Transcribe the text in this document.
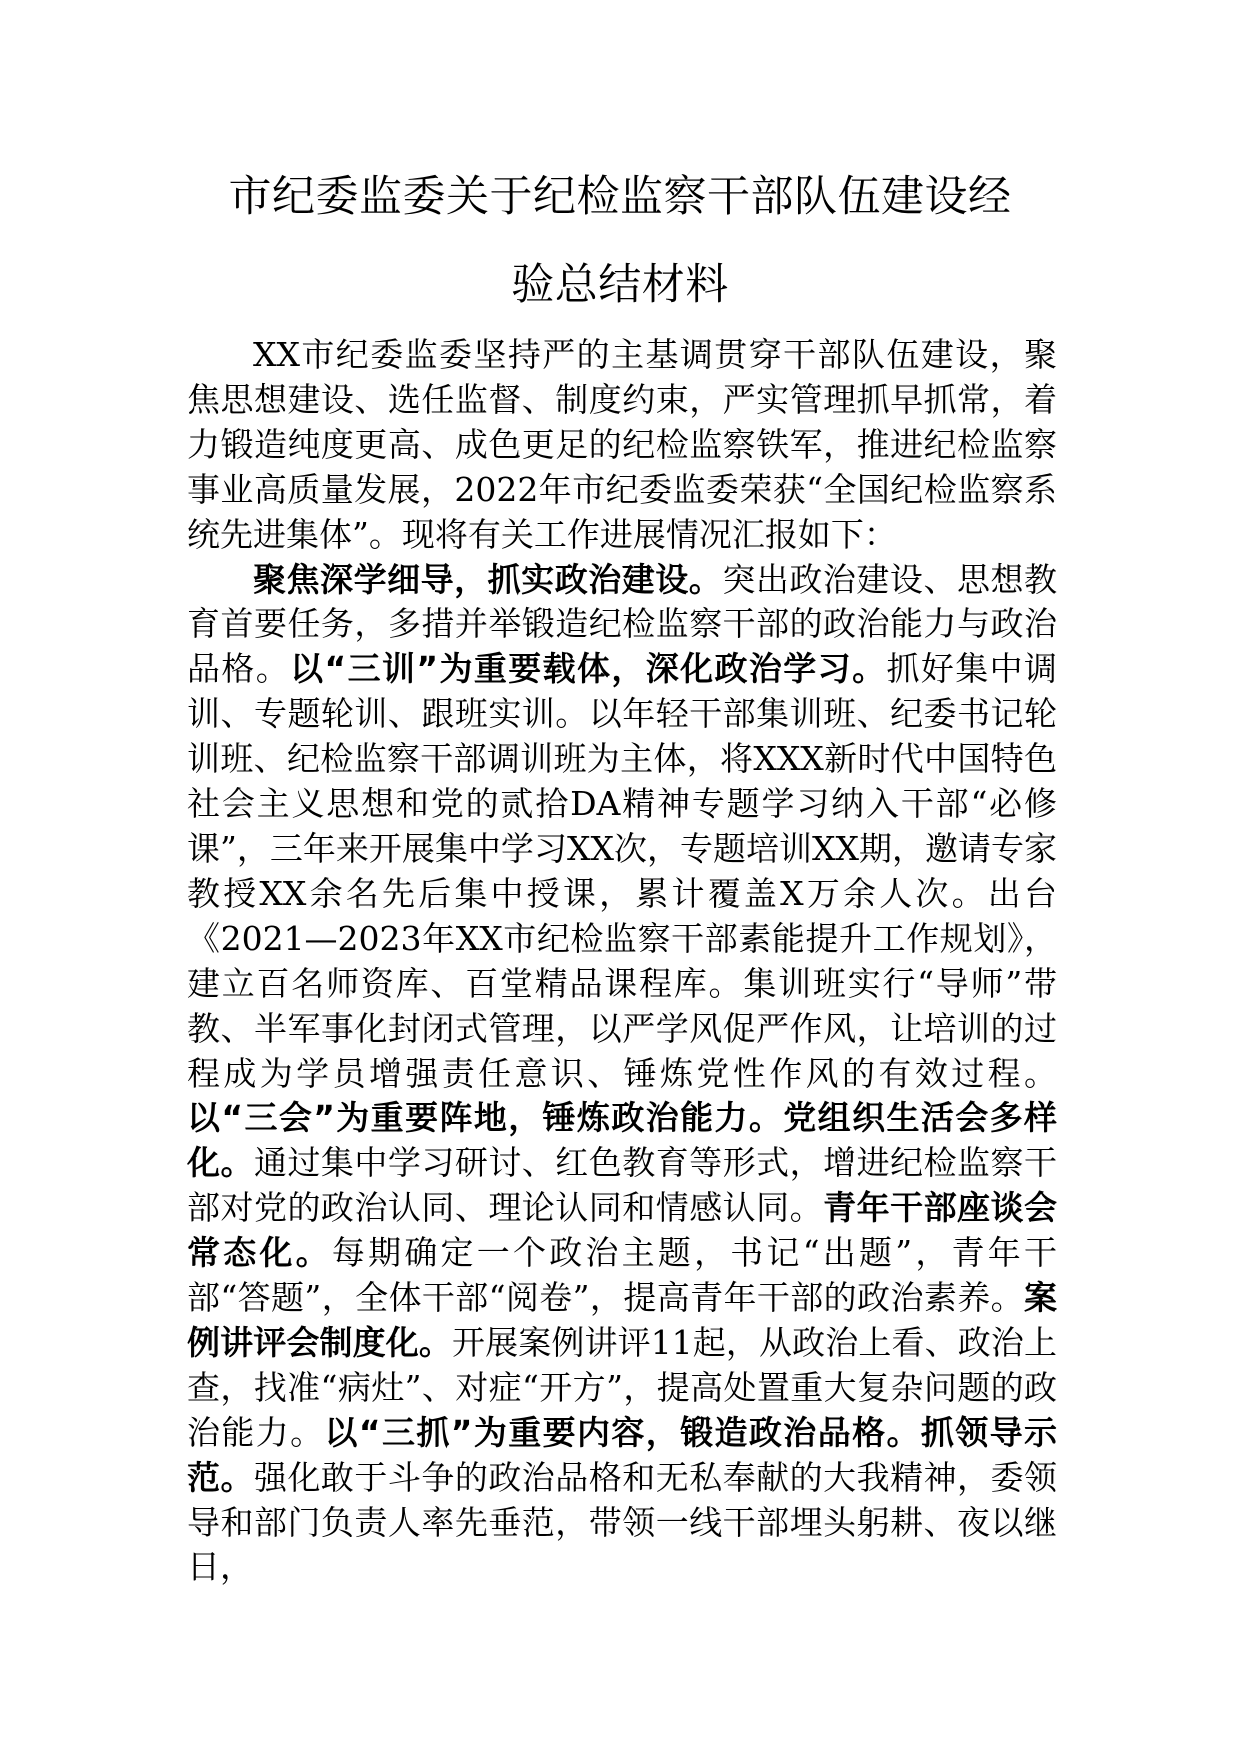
市纪委监委关于纪检监察干部队伍建设经
验总结材料

XX市纪委监委坚持严的主基调贯穿干部队伍建设，聚焦思想建设、选任监督、制度约束，严实管理抓早抓常，着力锻造纯度更高、成色更足的纪检监察铁军，推进纪检监察事业高质量发展，2022年市纪委监委荣获“全国纪检监察系统先进集体”。现将有关工作进展情况汇报如下：

聚焦深学细导，抓实政治建设。突出政治建设、思想教育首要任务，多措并举锻造纪检监察干部的政治能力与政治品格。以“三训”为重要载体，深化政治学习。抓好集中调训、专题轮训、跟班实训。以年轻干部集训班、纪委书记轮训班、纪检监察干部调训班为主体，将XXX新时代中国特色社会主义思想和党的贰拾DA精神专题学习纳入干部“必修课”，三年来开展集中学习XX次，专题培训XX期，邀请专家教授XX余名先后集中授课，累计覆盖X万余人次。出台《2021—2023年XX市纪检监察干部素能提升工作规划》，建立百名师资库、百堂精品课程库。集训班实行“导师”带教、半军事化封闭式管理，以严学风促严作风，让培训的过程成为学员增强责任意识、锤炼党性作风的有效过程。以“三会”为重要阵地，锤炼政治能力。党组织生活会多样化。通过集中学习研讨、红色教育等形式，增进纪检监察干部对党的政治认同、理论认同和情感认同。青年干部座谈会常态化。每期确定一个政治主题，书记“出题”，青年干部“答题”，全体干部“阅卷”，提高青年干部的政治素养。案例讲评会制度化。开展案例讲评11起，从政治上看、政治上查，找准“病灶”、对症“开方”，提高处置重大复杂问题的政治能力。以“三抓”为重要内容，锻造政治品格。抓领导示范。强化敢于斗争的政治品格和无私奉献的大我精神，委领导和部门负责人率先垂范，带领一线干部埋头躬耕、夜以继日，
